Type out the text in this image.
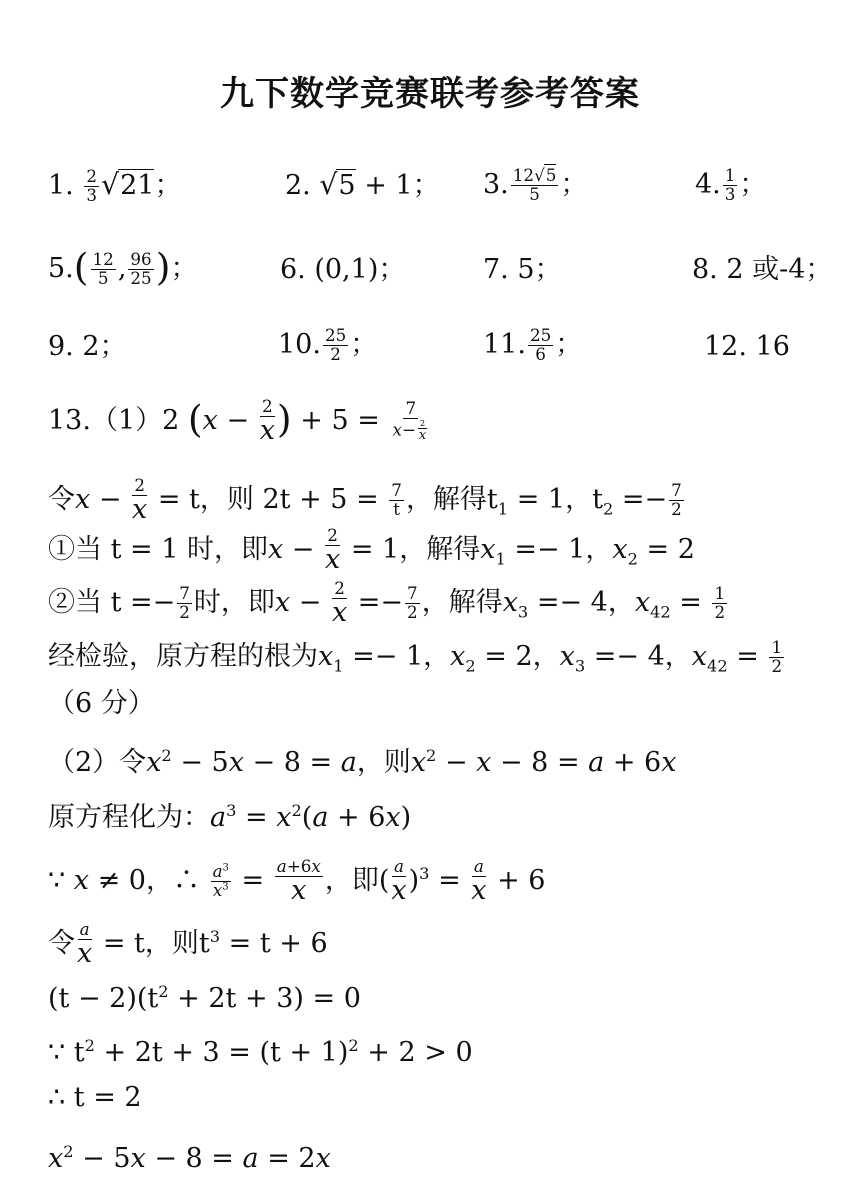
九下数学竞赛联考参考答案
1. $\frac{2}{3} √21$；	2. √5 + 1； 3. $\frac{12√5}{5}$ ；	4. $\frac{1}{3}$ ；
$5.( \frac{12}{5}$ , $\frac{96}{25}$ )；	6. (0,1)；	7. 5；	8. 2 或-4；
9. 2；	10. $\frac{25}{2}$ ；	11. $\frac{25}{6}$ ；	12. 16
13.（1）2 ($x - \frac{2}{x}$ ) + $5 = \frac{7}{x- \frac{2}{x}}$
令$x - \frac{2}{x} = t$，则 $2t + 5 = \frac{7}{t}$ ，解得$t_1 = 1$，$t_2 =- \frac{7}{2}$
①当 t = 1 时，即$x - \frac{2}{x} = 1$，解得$x_1 =- 1$，$x_2 = 2$
②当 $t =- \frac{7}{2}$ 时，即$x - \frac{2}{x} =- \frac{7}{2}$ ，解得$x_3 =- 4$，$x_{42} = \frac{1}{2}$
经检验，原方程的根为$x_1 =- 1$，$x_2 = 2$，$x_3 =- 4$，$x_{42} = \frac{1}{2}$
（6 分）
（2）令$x^2 - 5x - 8 = a$，则$x^2 - x - 8 = a + 6x$
原方程化为：$a^3 = x^2(a + 6x)$
∵ x ≠ 0，∴ $\frac{a^3}{x^3} = \frac{a+6x}{x}$ ，即( $\frac{a}{x} )^3 = \frac{a}{x} + 6$
令 $\frac{a}{x} = t$，则$t^3 = t + 6$
$(t - 2)(t^2 + 2t + 3) = 0$
∵ $t^2 + 2t + 3 = (t + 1)^2 + 2 > 0$
∴ t = 2
$x^2 - 5x - 8 = a = 2x$
